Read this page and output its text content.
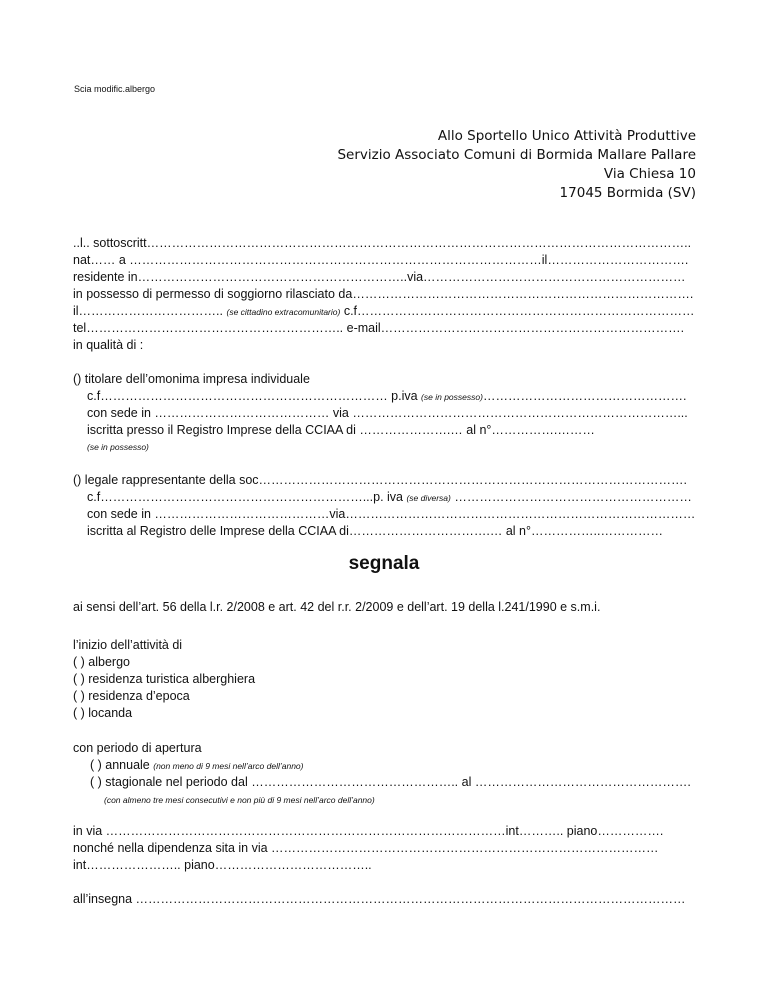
Scia modific.albergo
Allo Sportello Unico Attività Produttive
Servizio Associato Comuni di Bormida Mallare Pallare
Via Chiesa 10
17045 Bormida (SV)
..l.. sottoscritt…………………………………………………………………………………………………………………..
nat…… a ………………………………………………………………………………………il…………………………….
residente in………………………………………………………..via………………………………………………………
in possesso di permesso di soggiorno rilasciato da……………………………………………………………………….
il…………………………….. (se cittadino extracomunitario) c.f………………………………………………………………………
tel…………………………………………………….. e-mail……………………………………………………………….
in qualità di :
() titolare dell’omonima impresa individuale
c.f…………………………………………………………… p.iva (se in possesso)………………………………………….
con sede in …………………………………… via ……………………………………………………………………...
iscritta presso il Registro Imprese della CCIAA di ………………….… al n°…………….………
(se in possesso)
() legale rappresentante della soc………………………………………………………………………………………….
c.f………………………………………………………...p. iva (se diversa) …………………………………………………
con sede in ……………………………………via…………………………………………………………………………
iscritta al Registro delle Imprese della CCIAA di…………………………….… al n°……………..……………
segnala
ai sensi dell’art. 56 della l.r. 2/2008 e art. 42 del r.r. 2/2009 e dell’art. 19 della l.241/1990 e s.m.i.
l’inizio dell’attività di
( ) albergo
( ) residenza turistica alberghiera
( ) residenza d’epoca
( ) locanda
con periodo di apertura
( ) annuale (non meno di 9 mesi nell’arco dell’anno)
( ) stagionale nel periodo dal ………………………………………….. al …………………………………………….
(con almeno tre mesi consecutivi e non più di 9 mesi nell’arco dell’anno)
in via ……………………………………………………………………………………int……….. piano…………….
nonché nella dipendenza sita in via …………………………………………………………………………………
int………………….. piano………………………………..
all’insegna ……………………………………………………………………………………………………………………
